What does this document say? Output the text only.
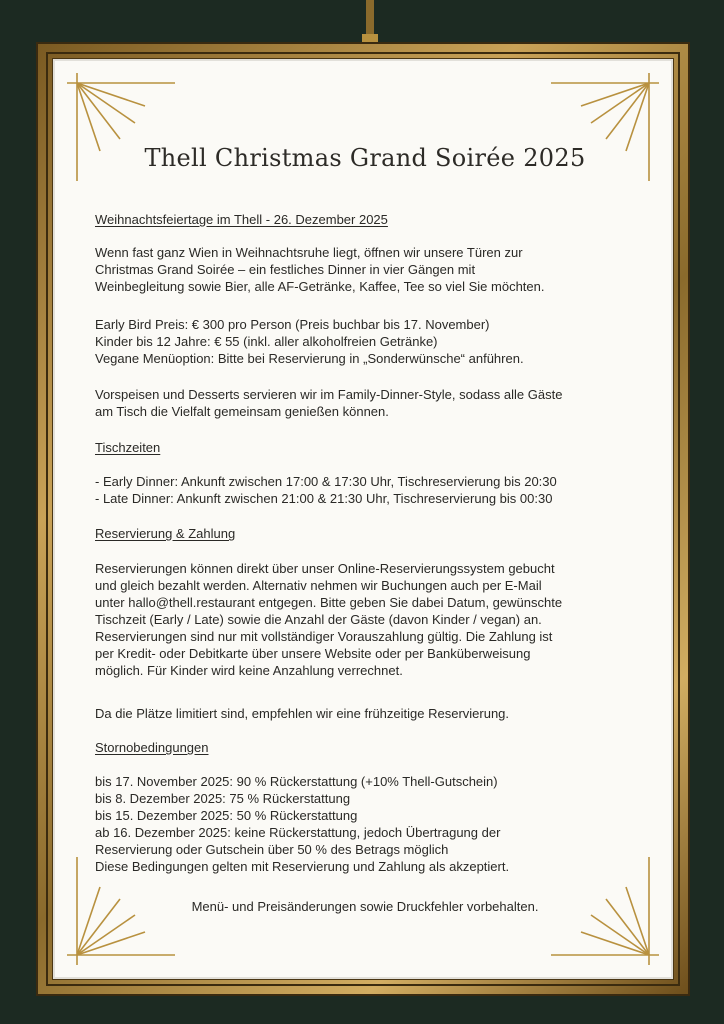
Thell Christmas Grand Soirée 2025
Weihnachtsfeiertage im Thell - 26. Dezember 2025
Wenn fast ganz Wien in Weihnachtsruhe liegt, öffnen wir unsere Türen zur
Christmas Grand Soirée – ein festliches Dinner in vier Gängen mit
Weinbegleitung sowie Bier, alle AF-Getränke, Kaffee, Tee so viel Sie möchten.
Early Bird Preis: € 300 pro Person (Preis buchbar bis 17. November)
Kinder bis 12 Jahre: € 55 (inkl. aller alkoholfreien Getränke)
Vegane Menüoption: Bitte bei Reservierung in „Sonderwünsche“ anführen.
Vorspeisen und Desserts servieren wir im Family-Dinner-Style, sodass alle Gäste
am Tisch die Vielfalt gemeinsam genießen können.
Tischzeiten
- Early Dinner: Ankunft zwischen 17:00 & 17:30 Uhr, Tischreservierung bis 20:30
- Late Dinner: Ankunft zwischen 21:00 & 21:30 Uhr, Tischreservierung bis 00:30
Reservierung & Zahlung
Reservierungen können direkt über unser Online-Reservierungssystem gebucht
und gleich bezahlt werden. Alternativ nehmen wir Buchungen auch per E-Mail
unter hallo@thell.restaurant entgegen. Bitte geben Sie dabei Datum, gewünschte
Tischzeit (Early / Late) sowie die Anzahl der Gäste (davon Kinder / vegan) an.
Reservierungen sind nur mit vollständiger Vorauszahlung gültig. Die Zahlung ist
per Kredit- oder Debitkarte über unsere Website oder per Banküberweisung
möglich. Für Kinder wird keine Anzahlung verrechnet.
Da die Plätze limitiert sind, empfehlen wir eine frühzeitige Reservierung.
Stornobedingungen
bis 17. November 2025: 90 % Rückerstattung (+10% Thell-Gutschein)
bis 8. Dezember 2025: 75 % Rückerstattung
bis 15. Dezember 2025: 50 % Rückerstattung
ab 16. Dezember 2025: keine Rückerstattung, jedoch Übertragung der
Reservierung oder Gutschein über 50 % des Betrags möglich
Diese Bedingungen gelten mit Reservierung und Zahlung als akzeptiert.
Menü- und Preisänderungen sowie Druckfehler vorbehalten.
